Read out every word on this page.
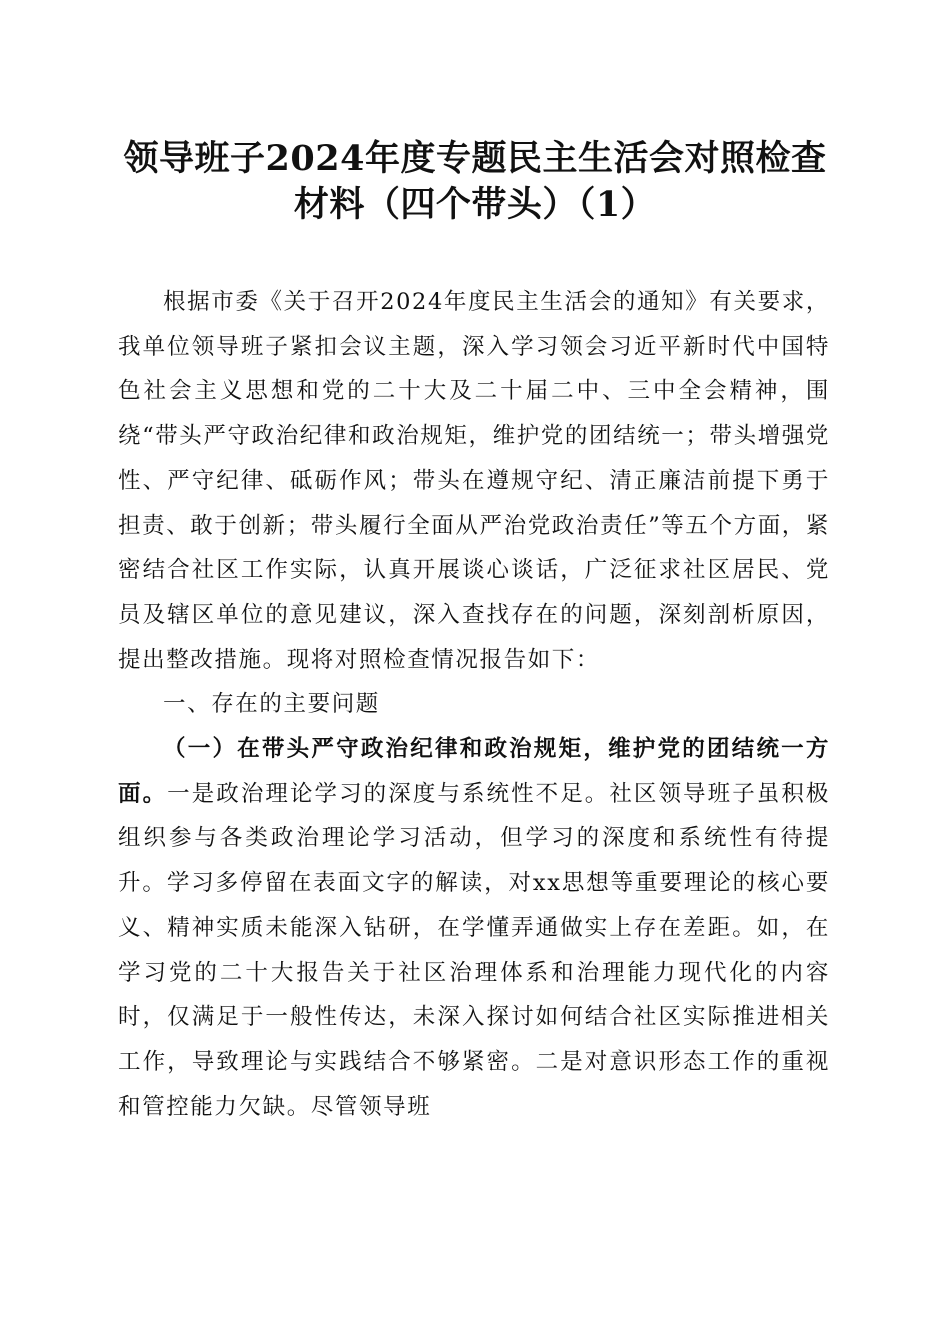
领导班子2024年度专题民主生活会对照检查
材料（四个带头）（1）

根据市委《关于召开2024年度民主生活会的通知》有关要求，我单位领导班子紧扣会议主题，深入学习领会习近平新时代中国特色社会主义思想和党的二十大及二十届二中、三中全会精神，围绕“带头严守政治纪律和政治规矩，维护党的团结统一；带头增强党性、严守纪律、砥砺作风；带头在遵规守纪、清正廉洁前提下勇于担责、敢于创新；带头履行全面从严治党政治责任”等五个方面，紧密结合社区工作实际，认真开展谈心谈话，广泛征求社区居民、党员及辖区单位的意见建议，深入查找存在的问题，深刻剖析原因，提出整改措施。现将对照检查情况报告如下：

一、存在的主要问题

（一）在带头严守政治纪律和政治规矩，维护党的团结统一方面。一是政治理论学习的深度与系统性不足。社区领导班子虽积极组织参与各类政治理论学习活动，但学习的深度和系统性有待提升。学习多停留在表面文字的解读，对xx思想等重要理论的核心要义、精神实质未能深入钻研，在学懂弄通做实上存在差距。如，在学习党的二十大报告关于社区治理体系和治理能力现代化的内容时，仅满足于一般性传达，未深入探讨如何结合社区实际推进相关工作，导致理论与实践结合不够紧密。二是对意识形态工作的重视和管控能力欠缺。尽管领导班
